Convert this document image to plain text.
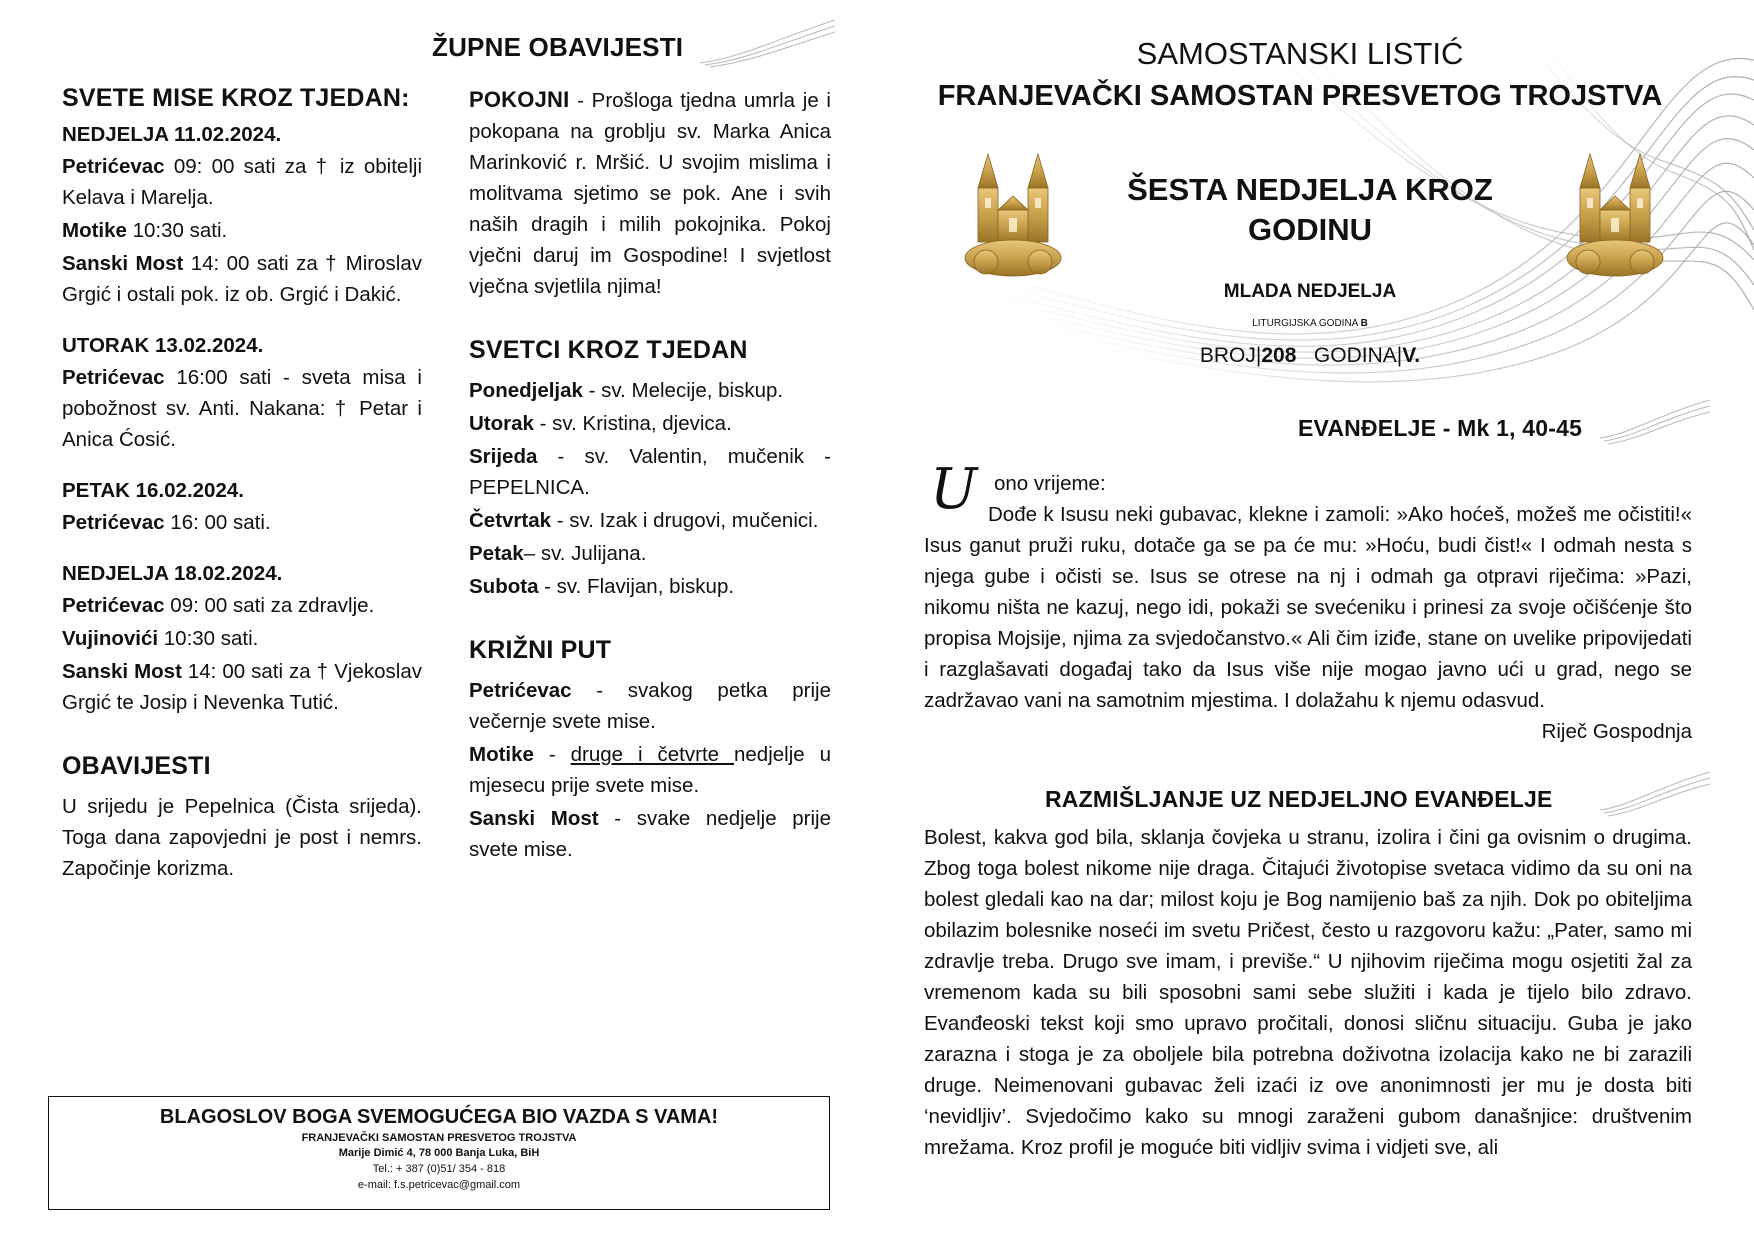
ŽUPNE OBAVIJESTI
SVETE MISE KROZ TJEDAN:

NEDJELJA 11.02.2024.

Petrićevac 09: 00 sati za † iz obitelji Kelava i Marelja.

Motike 10:30 sati.

Sanski Most 14: 00 sati za † Miroslav Grgić i ostali pok. iz ob. Grgić i Dakić.

UTORAK 13.02.2024.

Petrićevac 16:00 sati - sveta misa i pobožnost sv. Anti. Nakana: † Petar i Anica Ćosić.

PETAK 16.02.2024.

Petrićevac 16: 00 sati.

NEDJELJA 18.02.2024.

Petrićevac 09: 00 sati za zdravlje.

Vujinovići 10:30 sati.

Sanski Most 14: 00 sati za † Vjekoslav Grgić te Josip i Nevenka Tutić.

OBAVIJESTI

U srijedu je Pepelnica (Čista srijeda). Toga dana zapovjedni je post i nemrs. Započinje korizma.

POKOJNI - Prošloga tjedna umrla je i pokopana na groblju sv. Marka Anica Marinković r. Mršić. U svojim mislima i molitvama sjetimo se pok. Ane i svih naših dragih i milih pokojnika. Pokoj vječni daruj im Gospodine! I svjetlost vječna svjetlila njima!

SVETCI KROZ TJEDAN

Ponedjeljak - sv. Melecije, biskup.

Utorak - sv. Kristina, djevica.

Srijeda - sv. Valentin, mučenik - PEPELNICA.

Četvrtak - sv. Izak i drugovi, mučenici.

Petak– sv. Julijana.

Subota - sv. Flavijan, biskup.

KRIŽNI PUT

Petrićevac - svakog petka prije večernje svete mise.

Motike - druge i četvrte nedjelje u mjesecu prije svete mise.

Sanski Most - svake nedjelje prije svete mise.

BLAGOSLOV BOGA SVEMOGUĆEGA BIO VAZDA S VAMA!
FRANJEVAČKI SAMOSTAN PRESVETOG TROJSTVA
Marije Dimić 4, 78 000 Banja Luka, BiH
Tel.: + 387 (0)51/ 354 - 818
e-mail: f.s.petricevac@gmail.com
SAMOSTANSKI LISTIĆ
FRANJEVAČKI SAMOSTAN PRESVETOG TROJSTVA
ŠESTA NEDJELJA KROZ
GODINU
MLADA NEDJELJA
LITURGIJSKA GODINA B
BROJ|208   GODINA|V.
EVANĐELJE - Mk 1, 40-45
U ono vrijeme:

Dođe k Isusu neki gubavac, klekne i zamoli: »Ako hoćeš, možeš me očistiti!« Isus ganut pruži ruku, dotače ga se pa će mu: »Hoću, budi čist!« I odmah nesta s njega gube i očisti se. Isus se otrese na nj i odmah ga otpravi riječima: »Pazi, nikomu ništa ne kazuj, nego idi, pokaži se svećeniku i prinesi za svoje očišćenje što propisa Mojsije, njima za svjedočanstvo.« Ali čim iziđe, stane on uvelike pripovijedati i razglašavati događaj tako da Isus više nije mogao javno ući u grad, nego se zadržavao vani na samotnim mjestima. I dolažahu k njemu odasvud.

Riječ Gospodnja

RAZMIŠLJANJE UZ NEDJELJNO EVANĐELJE

Bolest, kakva god bila, sklanja čovjeka u stranu, izolira i čini ga ovisnim o drugima. Zbog toga bolest nikome nije draga. Čitajući životopise svetaca vidimo da su oni na bolest gledali kao na dar; milost koju je Bog namijenio baš za njih. Dok po obiteljima obilazim bolesnike noseći im svetu Pričest, često u razgovoru kažu: „Pater, samo mi zdravlje treba. Drugo sve imam, i previše.“ U njihovim riječima mogu osjetiti žal za vremenom kada su bili sposobni sami sebe služiti i kada je tijelo bilo zdravo. Evanđeoski tekst koji smo upravo pročitali, donosi sličnu situaciju. Guba je jako zarazna i stoga je za oboljele bila potrebna doživotna izolacija kako ne bi zarazili druge. Neimenovani gubavac želi izaći iz ove anonimnosti jer mu je dosta biti ‘nevidljiv’. Svjedočimo kako su mnogi zaraženi gubom današnjice: društvenim mrežama. Kroz profil je moguće biti vidljiv svima i vidjeti sve, ali
